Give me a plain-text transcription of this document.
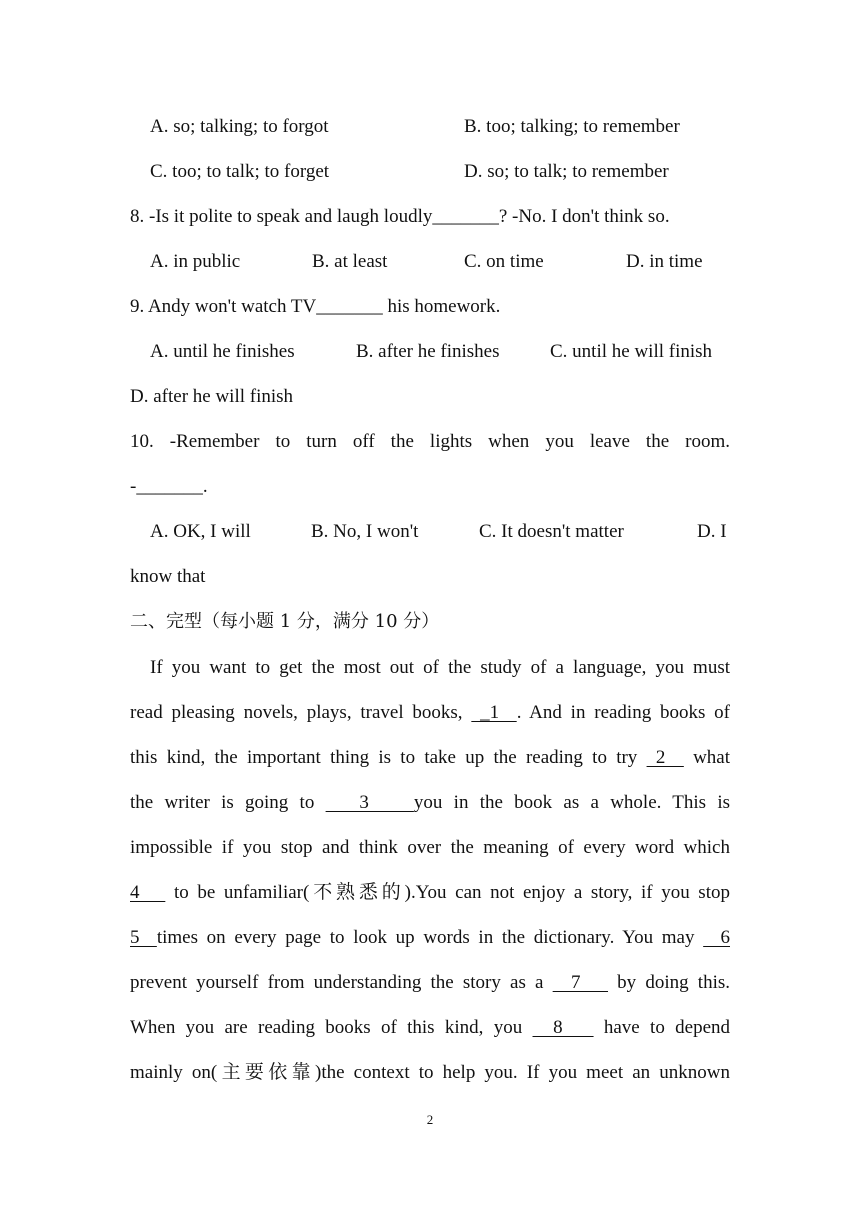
A. so; talking; to forgot	B. too; talking; to remember
C. too; to talk; to forget	D. so; to talk; to remember
8. -Is it polite to speak and laugh loudly_______? -No. I don't think so.
A. in public	B. at least	C. on time	D. in time
9. Andy won't watch TV_______ his homework.
A. until he finishes	B. after he finishes	C. until he will finish
D. after he will finish
10. -Remember to turn off the lights when you leave the room.
-_______.
A. OK, I will	B. No, I won't	C. It doesn't matter	D. I
know that
二、完型（每小题 1 分，满分 10 分）
If you want to get the most out of the study of a language, you must
read pleasing novels, plays, travel books,  _1  . And in reading books of
this kind, the important thing is to take up the reading to try  2   what
the writer is going to    3    you in the book as a whole. This is
impossible if you stop and think over the meaning of every word which
4    to be unfamiliar(不熟悉的).You can not enjoy a story, if you stop
5  times on every page to look up words in the dictionary. You may   6
prevent yourself from understanding the story as a   7    by doing this.
When you are reading books of this kind, you   8    have to depend
mainly on(主要依靠)the context to help you. If you meet an unknown
2
